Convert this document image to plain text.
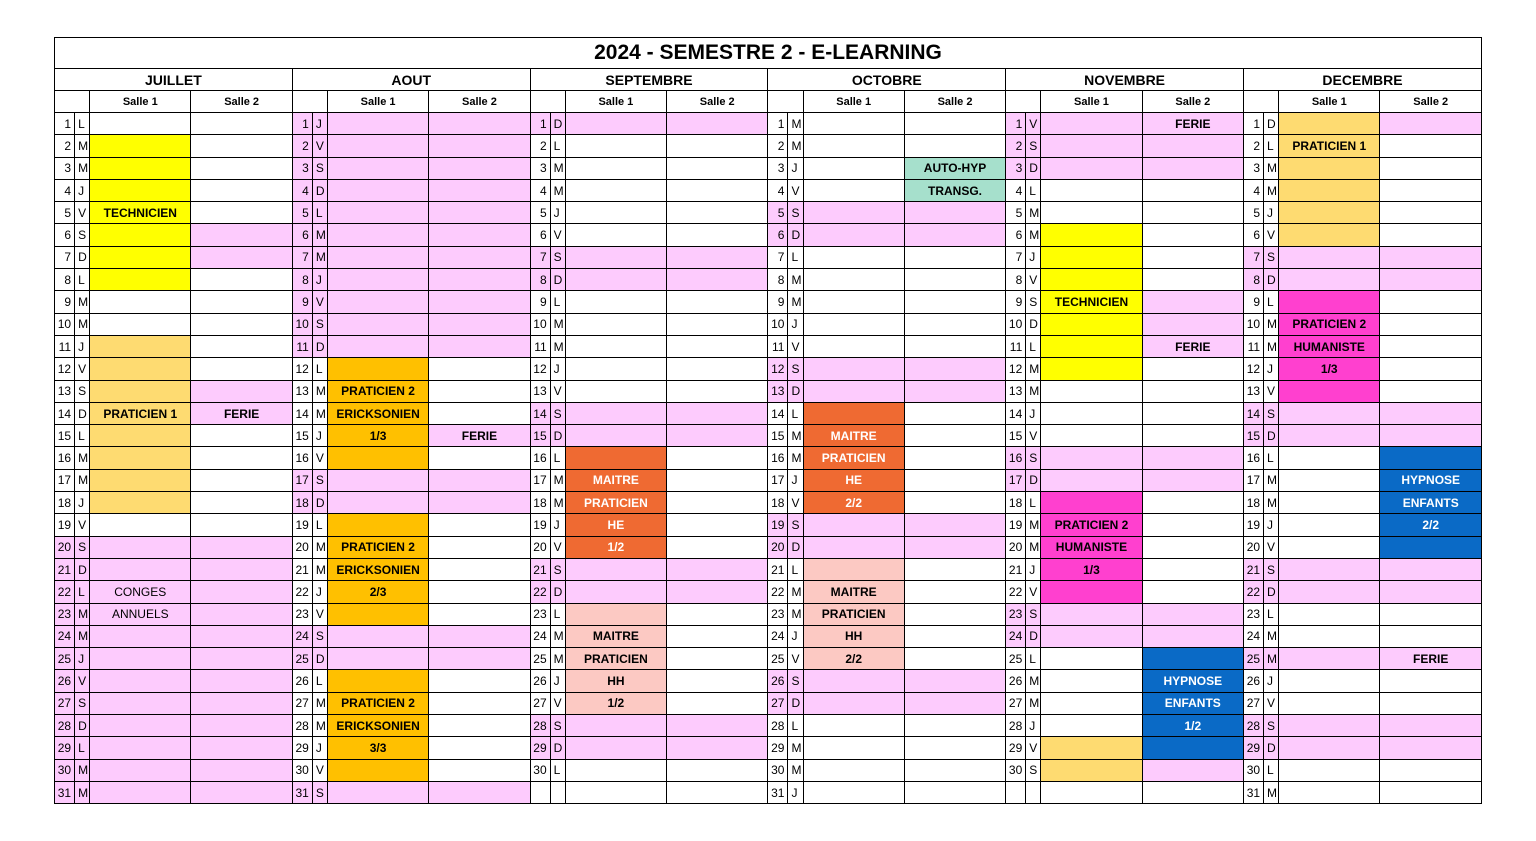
2024 - SEMESTRE 2 - E-LEARNING																							
JUILLET				AOUT				SEPTEMBRE				OCTOBRE				NOVEMBRE				DECEMBRE			
		Salle 1	Salle 2			Salle 1	Salle 2			Salle 1	Salle 2			Salle 1	Salle 2			Salle 1	Salle 2			Salle 1	Salle 2
1	L			1	J			1	D			1	M			1	V		FERIE	1	D		
2	M			2	V			2	L			2	M			2	S			2	L	PRATICIEN 1	
3	M			3	S			3	M			3	J		AUTO-HYP	3	D			3	M		
4	J			4	D			4	M			4	V		TRANSG.	4	L			4	M		
5	V	TECHNICIEN		5	L			5	J			5	S			5	M			5	J		
6	S			6	M			6	V			6	D			6	M			6	V		
7	D			7	M			7	S			7	L			7	J			7	S		
8	L			8	J			8	D			8	M			8	V			8	D		
9	M			9	V			9	L			9	M			9	S	TECHNICIEN		9	L		
10	M			10	S			10	M			10	J			10	D			10	M	PRATICIEN 2	
11	J			11	D			11	M			11	V			11	L		FERIE	11	M	HUMANISTE	
12	V			12	L			12	J			12	S			12	M			12	J	1/3	
13	S			13	M	PRATICIEN 2		13	V			13	D			13	M			13	V		
14	D	PRATICIEN 1	FERIE	14	M	ERICKSONIEN		14	S			14	L			14	J			14	S		
15	L			15	J	1/3	FERIE	15	D			15	M	MAITRE		15	V			15	D		
16	M			16	V			16	L			16	M	PRATICIEN		16	S			16	L		
17	M			17	S			17	M	MAITRE		17	J	HE		17	D			17	M		HYPNOSE
18	J			18	D			18	M	PRATICIEN		18	V	2/2		18	L			18	M		ENFANTS
19	V			19	L			19	J	HE		19	S			19	M	PRATICIEN 2		19	J		2/2
20	S			20	M	PRATICIEN 2		20	V	1/2		20	D			20	M	HUMANISTE		20	V		
21	D			21	M	ERICKSONIEN		21	S			21	L			21	J	1/3		21	S		
22	L	CONGES		22	J	2/3		22	D			22	M	MAITRE		22	V			22	D		
23	M	ANNUELS		23	V			23	L			23	M	PRATICIEN		23	S			23	L		
24	M			24	S			24	M	MAITRE		24	J	HH		24	D			24	M		
25	J			25	D			25	M	PRATICIEN		25	V	2/2		25	L			25	M		FERIE
26	V			26	L			26	J	HH		26	S			26	M		HYPNOSE	26	J		
27	S			27	M	PRATICIEN 2		27	V	1/2		27	D			27	M		ENFANTS	27	V		
28	D			28	M	ERICKSONIEN		28	S			28	L			28	J		1/2	28	S		
29	L			29	J	3/3		29	D			29	M			29	V			29	D		
30	M			30	V			30	L			30	M			30	S			30	L		
31	M			31	S							31	J							31	M		
